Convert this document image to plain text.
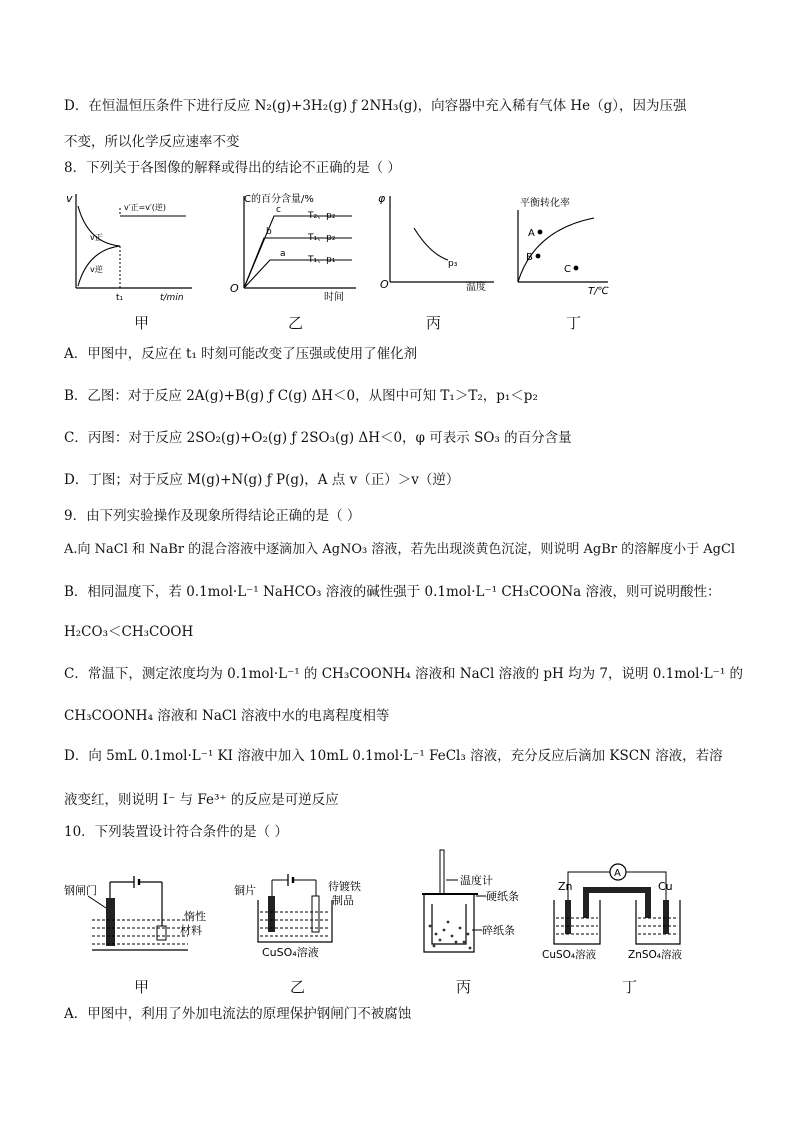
D．在恒温恒压条件下进行反应 N₂(g)+3H₂(g) ƒ 2NH₃(g)，向容器中充入稀有气体 He（g），因为压强
不变，所以化学反应速率不变
8．下列关于各图像的解释或得出的结论不正确的是（ ）
v
v正
v逆
v′正=v′(逆)
t₁	t/min
甲
C的百分含量/%
O
时间
c
T₂、p₂
b
T₁、p₂
a
T₁、p₁
乙
φ
O	温度
p₃
丙
平衡转化率
T/℃
A
B
C
丁
A．甲图中，反应在 t₁ 时刻可能改变了压强或使用了催化剂
B．乙图：对于反应 2A(g)+B(g) ƒ C(g) ΔH＜0，从图中可知 T₁＞T₂，p₁＜p₂
C．丙图：对于反应 2SO₂(g)+O₂(g) ƒ 2SO₃(g) ΔH＜0，φ 可表示 SO₃ 的百分含量
D．丁图；对于反应 M(g)+N(g) ƒ P(g)，A 点 v（正）＞v（逆）
9．由下列实验操作及现象所得结论正确的是（ ）
A.向 NaCl 和 NaBr 的混合溶液中逐滴加入 AgNO₃ 溶液，若先出现淡黄色沉淀，则说明 AgBr 的溶解度小于 AgCl
B．相同温度下，若 0.1mol·L⁻¹ NaHCO₃ 溶液的碱性强于 0.1mol·L⁻¹ CH₃COONa 溶液，则可说明酸性：
H₂CO₃＜CH₃COOH
C．常温下，测定浓度均为 0.1mol·L⁻¹ 的 CH₃COONH₄ 溶液和 NaCl 溶液的 pH 均为 7，说明 0.1mol·L⁻¹ 的
CH₃COONH₄ 溶液和 NaCl 溶液中水的电离程度相等
D．向 5mL 0.1mol·L⁻¹ KI 溶液中加入 10mL 0.1mol·L⁻¹ FeCl₃ 溶液，充分反应后滴加 KSCN 溶液，若溶
液变红，则说明 I⁻ 与 Fe³⁺ 的反应是可逆反应
10．下列装置设计符合条件的是（ ）
钢闸门
惰性
材料
甲
铜片	待镀铁
制品
CuSO₄溶液
乙
温度计
硬纸条
碎纸条
丙
Zn	Cu
A
CuSO₄溶液	ZnSO₄溶液
丁
A．甲图中，利用了外加电流法的原理保护钢闸门不被腐蚀
